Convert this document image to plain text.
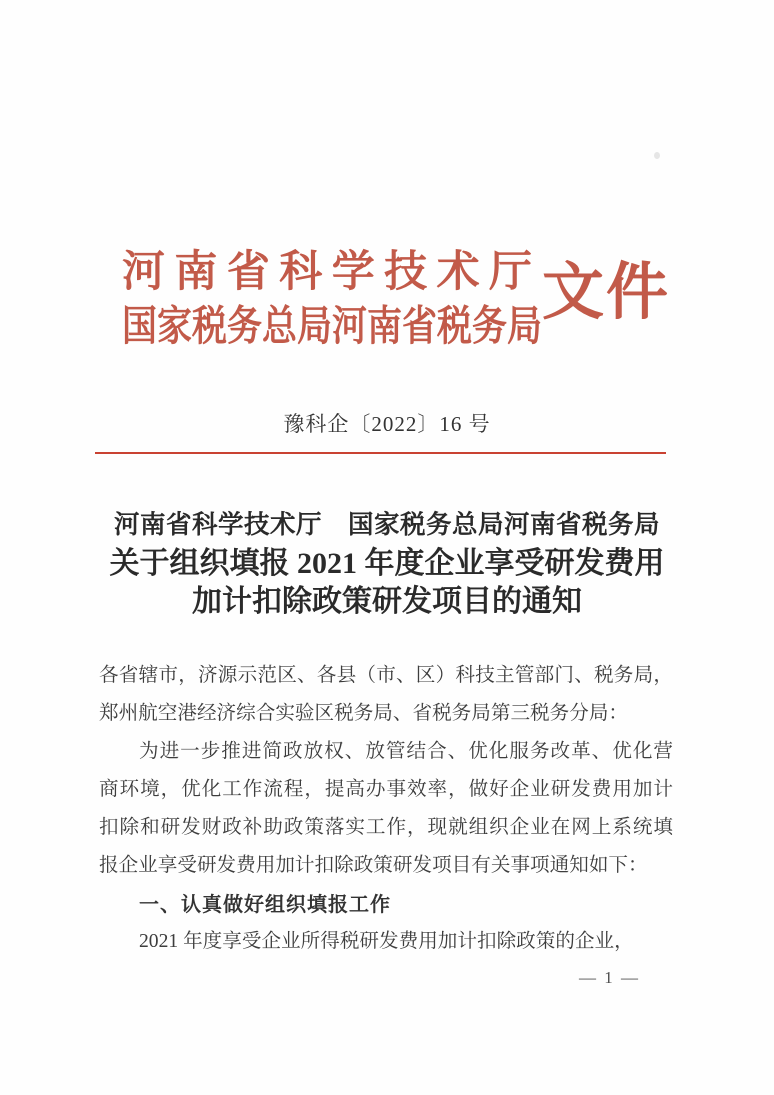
河南省科学技术厅
国家税务总局河南省税务局 文件
豫科企〔2022〕16 号
河南省科学技术厅　国家税务总局河南省税务局
关于组织填报 2021 年度企业享受研发费用
加计扣除政策研发项目的通知
各省辖市，济源示范区、各县（市、区）科技主管部门、税务局，
郑州航空港经济综合实验区税务局、省税务局第三税务分局：
为进一步推进简政放权、放管结合、优化服务改革、优化营
商环境，优化工作流程，提高办事效率，做好企业研发费用加计
扣除和研发财政补助政策落实工作，现就组织企业在网上系统填
报企业享受研发费用加计扣除政策研发项目有关事项通知如下：
一、认真做好组织填报工作
2021 年度享受企业所得税研发费用加计扣除政策的企业，
— 1 —
